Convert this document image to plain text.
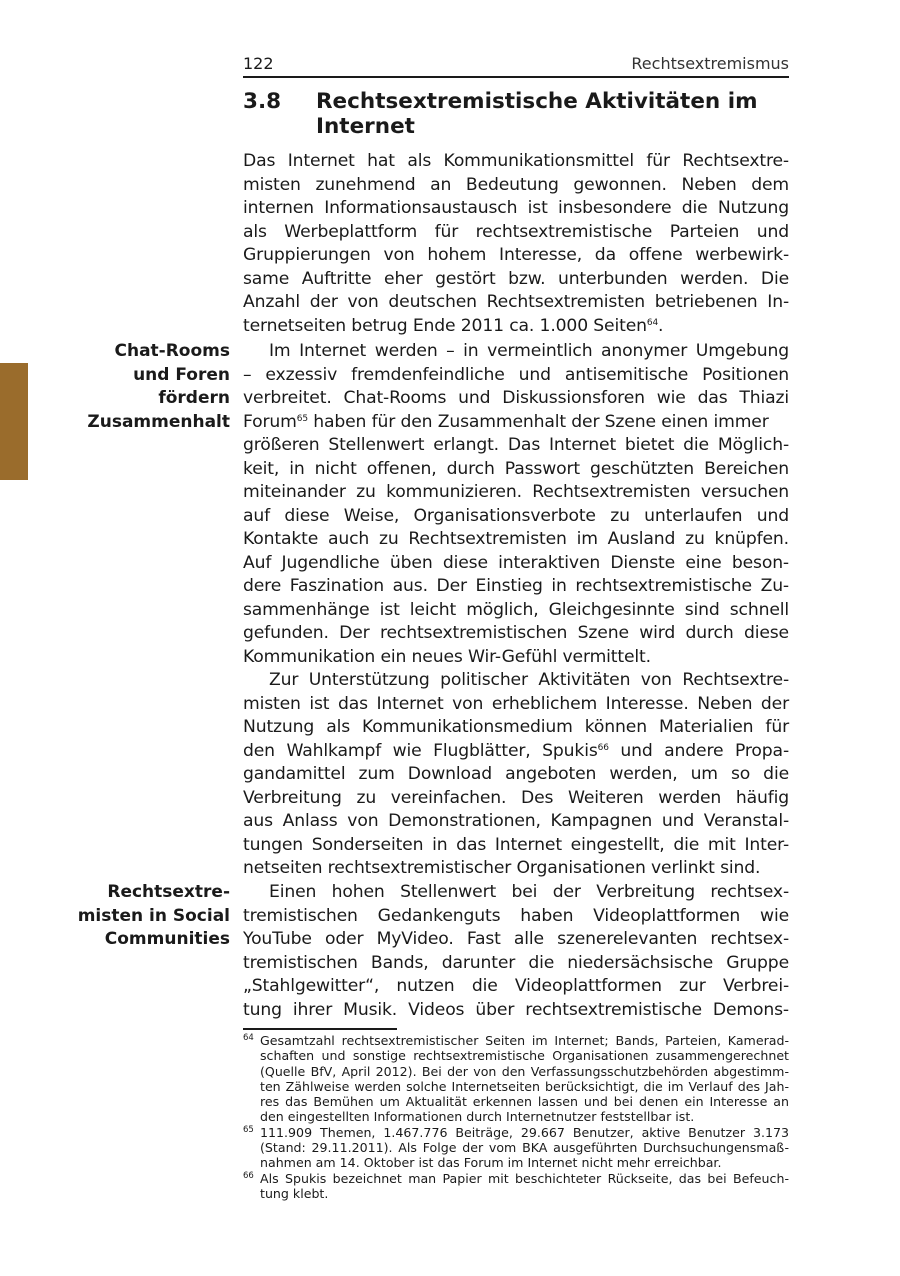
122	Rechtsextremismus
3.8 Rechtsextremistische Aktivitäten im Internet
Chat-Rooms
und Foren
fördern
Zusammenhalt
Rechtsextre-
misten in Social
Communities
Das Internet hat als Kommunikationsmittel für Rechtsextre-
misten zunehmend an Bedeutung gewonnen. Neben dem
internen Informationsaustausch ist insbesondere die Nutzung
als Werbeplattform für rechtsextremistische Parteien und
Gruppierungen von hohem Interesse, da offene werbewirk-
same Auftritte eher gestört bzw. unterbunden werden. Die
Anzahl der von deutschen Rechtsextremisten betriebenen In-
ternetseiten betrug Ende 2011 ca. 1.000 Seiten$^{64}$.
Im Internet werden – in vermeintlich anonymer Umgebung
– exzessiv fremdenfeindliche und antisemitische Positionen
verbreitet. Chat-Rooms und Diskussionsforen wie das Thiazi
Forum$^{65}$ haben für den Zusammenhalt der Szene einen immer
größeren Stellenwert erlangt. Das Internet bietet die Möglich-
keit, in nicht offenen, durch Passwort geschützten Bereichen
miteinander zu kommunizieren. Rechtsextremisten versuchen
auf diese Weise, Organisationsverbote zu unterlaufen und
Kontakte auch zu Rechtsextremisten im Ausland zu knüpfen.
Auf Jugendliche üben diese interaktiven Dienste eine beson-
dere Faszination aus. Der Einstieg in rechtsextremistische Zu-
sammenhänge ist leicht möglich, Gleichgesinnte sind schnell
gefunden. Der rechtsextremistischen Szene wird durch diese
Kommunikation ein neues Wir-Gefühl vermittelt.
Zur Unterstützung politischer Aktivitäten von Rechtsextre-
misten ist das Internet von erheblichem Interesse. Neben der
Nutzung als Kommunikationsmedium können Materialien für
den Wahlkampf wie Flugblätter, Spukis$^{66}$ und andere Propa-
gandamittel zum Download angeboten werden, um so die
Verbreitung zu vereinfachen. Des Weiteren werden häufig
aus Anlass von Demonstrationen, Kampagnen und Veranstal-
tungen Sonderseiten in das Internet eingestellt, die mit Inter-
netseiten rechtsextremistischer Organisationen verlinkt sind.
Einen hohen Stellenwert bei der Verbreitung rechtsex-
tremistischen Gedankenguts haben Videoplattformen wie
YouTube oder MyVideo. Fast alle szenerelevanten rechtsex-
tremistischen Bands, darunter die niedersächsische Gruppe
„Stahlgewitter“, nutzen die Videoplattformen zur Verbrei-
tung ihrer Musik. Videos über rechtsextremistische Demons-
64 Gesamtzahl rechtsextremistischer Seiten im Internet; Bands, Parteien, Kamerad-
schaften und sonstige rechtsextremistische Organisationen zusammengerechnet
(Quelle BfV, April 2012). Bei der von den Verfassungsschutzbehörden abgestimm-
ten Zählweise werden solche Internetseiten berücksichtigt, die im Verlauf des Jah-
res das Bemühen um Aktualität erkennen lassen und bei denen ein Interesse an
den eingestellten Informationen durch Internetnutzer feststellbar ist.
65 111.909 Themen, 1.467.776 Beiträge, 29.667 Benutzer, aktive Benutzer 3.173
(Stand: 29.11.2011). Als Folge der vom BKA ausgeführten Durchsuchungensmaß-
nahmen am 14. Oktober ist das Forum im Internet nicht mehr erreichbar.
66 Als Spukis bezeichnet man Papier mit beschichteter Rückseite, das bei Befeuch-
tung klebt.
